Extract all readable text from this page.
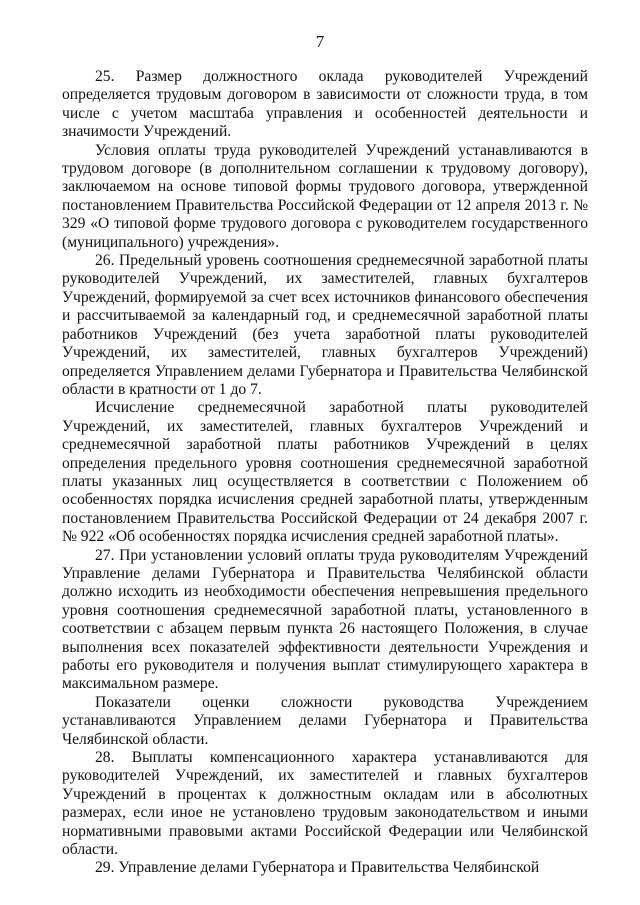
7

25. Размер должностного оклада руководителей Учреждений определяется трудовым договором в зависимости от сложности труда, в том числе с учетом масштаба управления и особенностей деятельности и значимости Учреждений.

Условия оплаты труда руководителей Учреждений устанавливаются в трудовом договоре (в дополнительном соглашении к трудовому договору), заключаемом на основе типовой формы трудового договора, утвержденной постановлением Правительства Российской Федерации от 12 апреля 2013 г. № 329 «О типовой форме трудового договора с руководителем государственного (муниципального) учреждения».

26. Предельный уровень соотношения среднемесячной заработной платы руководителей Учреждений, их заместителей, главных бухгалтеров Учреждений, формируемой за счет всех источников финансового обеспечения и рассчитываемой за календарный год, и среднемесячной заработной платы работников Учреждений (без учета заработной платы руководителей Учреждений, их заместителей, главных бухгалтеров Учреждений) определяется Управлением делами Губернатора и Правительства Челябинской области в кратности от 1 до 7.

Исчисление среднемесячной заработной платы руководителей Учреждений, их заместителей, главных бухгалтеров Учреждений и среднемесячной заработной платы работников Учреждений в целях определения предельного уровня соотношения среднемесячной заработной платы указанных лиц осуществляется в соответствии с Положением об особенностях порядка исчисления средней заработной платы, утвержденным постановлением Правительства Российской Федерации от 24 декабря 2007 г. № 922 «Об особенностях порядка исчисления средней заработной платы».

27. При установлении условий оплаты труда руководителям Учреждений Управление делами Губернатора и Правительства Челябинской области должно исходить из необходимости обеспечения непревышения предельного уровня соотношения среднемесячной заработной платы, установленного в соответствии с абзацем первым пункта 26 настоящего Положения, в случае выполнения всех показателей эффективности деятельности Учреждения и работы его руководителя и получения выплат стимулирующего характера в максимальном размере.

Показатели оценки сложности руководства Учреждением устанавливаются Управлением делами Губернатора и Правительства Челябинской области.

28. Выплаты компенсационного характера устанавливаются для руководителей Учреждений, их заместителей и главных бухгалтеров Учреждений в процентах к должностным окладам или в абсолютных размерах, если иное не установлено трудовым законодательством и иными нормативными правовыми актами Российской Федерации или Челябинской области.

29. Управление делами Губернатора и Правительства Челябинской
